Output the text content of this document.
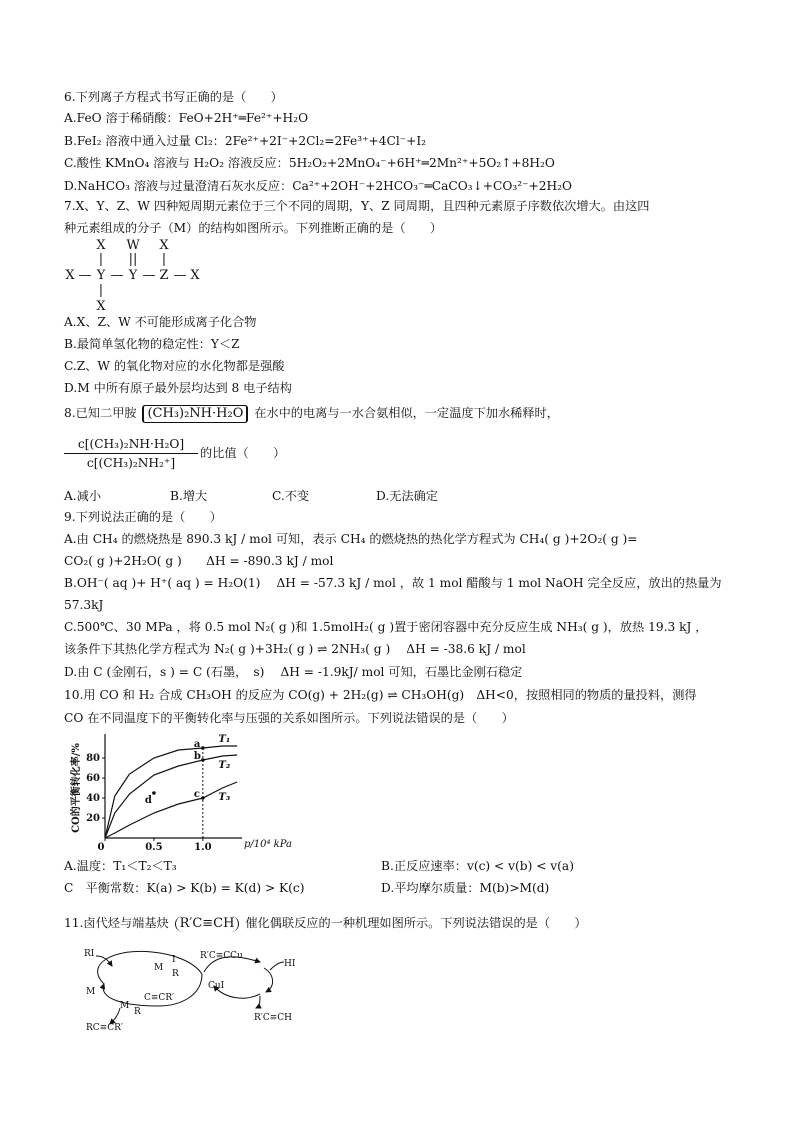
6.下列离子方程式书写正确的是（　　）
A.FeO 溶于稀硝酸：FeO+2H⁺═Fe²⁺+H₂O
B.FeI₂ 溶液中通入过量 Cl₂：2Fe²⁺+2I⁻+2Cl₂=2Fe³⁺+4Cl⁻+I₂
C.酸性 KMnO₄ 溶液与 H₂O₂ 溶液反应：5H₂O₂+2MnO₄⁻+6H⁺═2Mn²⁺+5O₂↑+8H₂O
D.NaHCO₃ 溶液与过量澄清石灰水反应：Ca²⁺+2OH⁻+2HCO₃⁻═CaCO₃↓+CO₃²⁻+2H₂O
7.X、Y、Z、W 四种短周期元素位于三个不同的周期，Y、Z 同周期，且四种元素原子序数依次增大。由这四
种元素组成的分子（M）的结构如图所示。下列推断正确的是（　　）
X W X
||
|	|
X — Y — Y — Z — X
|
X
A.X、Z、W 不可能形成离子化合物
B.最简单氢化物的稳定性：Y＜Z
C.Z、W 的氧化物对应的水化物都是强酸
D.M 中所有原子最外层均达到 8 电子结构
8.已知二甲胺 (CH₃)₂NH·H₂O 在水中的电离与一水合氨相似，一定温度下加水稀释时，
c[(CH₃)₂NH·H₂O]
c[(CH₃)₂NH₂⁺]
的比值（　　）
A.减小	B.增大	C.不变	D.无法确定
9.下列说法正确的是（　　）
A.由 CH₄ 的燃烧热是 890.3 kJ / mol 可知，表示 CH₄ 的燃烧热的热化学方程式为 CH₄( g )+2O₂( g )=
CO₂( g )+2H₂O( g )　　ΔH = -890.3 kJ / mol
B.OH⁻( aq )+ H⁺( aq ) = H₂O(1)　 ΔH = -57.3 kJ / mol ，故 1 mol 醋酸与 1 mol NaOH 完全反应，放出的热量为
57.3kJ
C.500℃、30 MPa ，将 0.5 mol N₂( g )和 1.5molH₂( g )置于密闭容器中充分反应生成 NH₃( g )，放热 19.3 kJ ，
该条件下其热化学方程式为 N₂( g )+3H₂( g ) ⇌ 2NH₃( g )　 ΔH = -38.6 kJ / mol
D.由 C (金刚石，s ) = C (石墨，　s)　 ΔH = -1.9kJ/ mol 可知，石墨比金刚石稳定
10.用 CO 和 H₂ 合成 CH₃OH 的反应为 CO(g) + 2H₂(g) ⇌ CH₃OH(g)　ΔH<0，按照相同的物质的量投料，测得
CO 在不同温度下的平衡转化率与压强的关系如图所示。下列说法错误的是（　　）
CO的平衡转化率/%
p/10⁴ kPa
20
40
60
80
0	0.5	1.0
T₁
T₂
T₃
a
b
c
d
A.温度：T₁＜T₂＜T₃	B.正反应速率：v(c) < v(b) < v(a)
C　平衡常数：K(a) > K(b) = K(d) > K(c)	D.平均摩尔质量：M(b)>M(d)
11.卤代烃与端基炔 R′C≡CH 催化偶联反应的一种机理如图所示。下列说法错误的是（　　）
RI
M
I
R
M
M
C≡CR′
R
RC≡CR′
R′C≡CCu
CuI
HI
R′C≡CH
